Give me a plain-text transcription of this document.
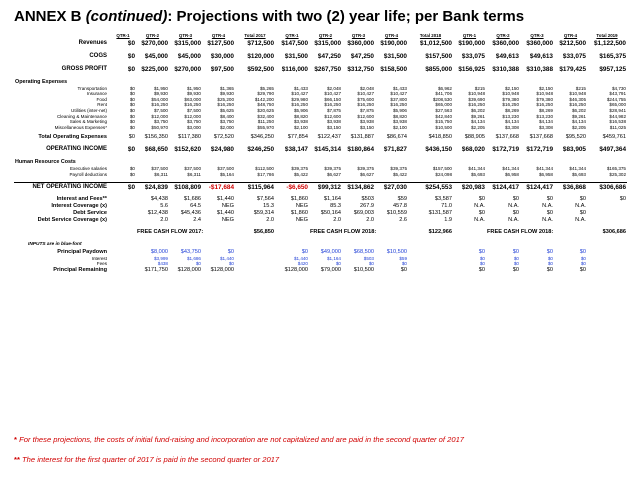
ANNEX B (continued): Projections with two (2) year life; per Bank terms
	QTR-1	QTR-2	QTR-3	QTR-4	Total 2017	QTR-1	QTR-2	QTR-3	QTR-4	Total 2018	QTR-1	QTR-2	QTR-3	QTR-4	Total 2019
Revenues	$0	$270,000	$315,000	$127,500	$712,500	$147,500	$315,000	$360,000	$190,000	$1,012,500	$190,000	$360,000	$360,000	$212,500	$1,122,500

COGS	$0	$45,000	$45,000	$30,000	$120,000	$31,500	$47,250	$47,250	$31,500	$157,500	$33,075	$49,613	$49,613	$33,075	$165,375

GROSS PROFIT	$0	$225,000	$270,000	$97,500	$592,500	$116,000	$267,750	$312,750	$158,500	$855,000	$156,925	$310,388	$310,388	$179,425	$957,125

Operating Expenses															
Transportation	$0	$1,950	$1,950	$1,365	$5,265	$1,433	$2,048	$2,048	$1,433	$6,962	$215	$2,150	$2,150	$215	$4,730
Insurance	$0	$9,930	$9,930	$9,930	$29,790	$10,427	$10,427	$10,427	$10,427	$41,706	$10,948	$10,948	$10,948	$10,948	$43,791
Food	$0	$54,000	$63,000	$25,200	$142,200	$29,980	$66,150	$75,600	$37,800	$208,530	$39,690	$79,380	$79,380	$46,305	$244,755
Rent	$0	$16,250	$16,250	$16,250	$48,750	$16,250	$16,250	$16,250	$16,250	$65,000	$16,250	$16,250	$16,250	$16,250	$65,000
Utilities (inter-net)	$0	$7,500	$7,500	$5,625	$20,625	$5,906	$7,875	$7,875	$5,906	$27,563	$6,202	$8,269	$8,269	$6,202	$28,941
Cleaning & Maintenance	$0	$12,000	$12,000	$8,400	$32,400	$8,820	$12,600	$12,600	$8,820	$42,840	$9,261	$13,230	$13,230	$9,261	$44,982
Sales & Marketing	$0	$3,750	$3,750	$3,750	$11,250	$3,938	$3,938	$3,938	$3,938	$15,750	$4,134	$4,134	$4,134	$4,134	$16,538
Miscellaneous Expenses*	$0	$50,970	$3,000	$2,000	$55,970	$2,100	$3,150	$3,150	$2,100	$10,500	$2,205	$3,308	$3,308	$2,205	$11,025

Total Operating Expenses	$0	$156,350	$117,380	$72,520	$346,250	$77,854	$122,437	$131,887	$86,674	$418,850	$88,905	$137,668	$137,668	$95,520	$459,761

OPERATING INCOME	$0	$68,650	$152,620	$24,980	$246,250	$38,147	$145,314	$180,864	$71,827	$436,150	$68,020	$172,719	$172,719	$83,905	$497,364

Human Resource Costs															
Executive salaries	$0	$37,500	$37,500	$37,500	$112,500	$39,375	$39,375	$39,375	$39,375	$157,500	$41,344	$41,344	$41,344	$41,344	$165,375
Payroll deductions	$0	$6,311	$6,311	$5,164	$17,786	$5,422	$6,627	$6,627	$5,422	$24,098	$5,693	$6,958	$6,958	$5,693	$25,302

NET OPERATING INCOME	$0	$24,839	$108,809	-$17,684	$115,964	-$6,650	$99,312	$134,862	$27,030	$254,553	$20,983	$124,417	$124,417	$36,868	$306,686

Interest and Fees**		$4,438	$1,686	$1,440	$7,564	$1,860	$1,164	$503	$59	$3,587	$0	$0	$0	$0	$0
Interest Coverage (x)		5.6	64.5	NEG	15.3	NEG	85.3	267.9	457.8	71.0	N.A.	N.A.	N.A.	N.A.	
Debt Service		$12,438	$45,436	$1,440	$59,314	$1,860	$50,164	$69,003	$10,559	$131,587	$0	$0	$0	$0	
Debt Service Coverage (x)		2.0	2.4	NEG	2.0	NEG	2.0	2.0	2.6	1.9	N.A.	N.A.	N.A.	N.A.	

		FREE CASH FLOW 2017:			$56,850		FREE CASH FLOW 2018:			$122,966		FREE CASH FLOW 2018:			$306,686

INPUTS are in blue-font															
Principal Paydown		$8,000	$43,750	$0		$0	$49,000	$68,500	$10,500		$0	$0	$0	$0	
Interest		$3,999	$1,686	$1,440		$1,440	$1,164	$503	$59		$0	$0	$0	$0	
Fees		$438	$0	$0		$420	$0	$0	$0		$0	$0	$0	$0	
Principal Remaining		$171,750	$128,000	$128,000		$128,000	$79,000	$10,500	$0		$0	$0	$0	$0	
* For these projections, the costs of initial fund-raising and incorporation are not capitalized and are paid in the second quarter of 2017
** The interest for the first quarter of 2017 is paid in the second quarter or 2017
